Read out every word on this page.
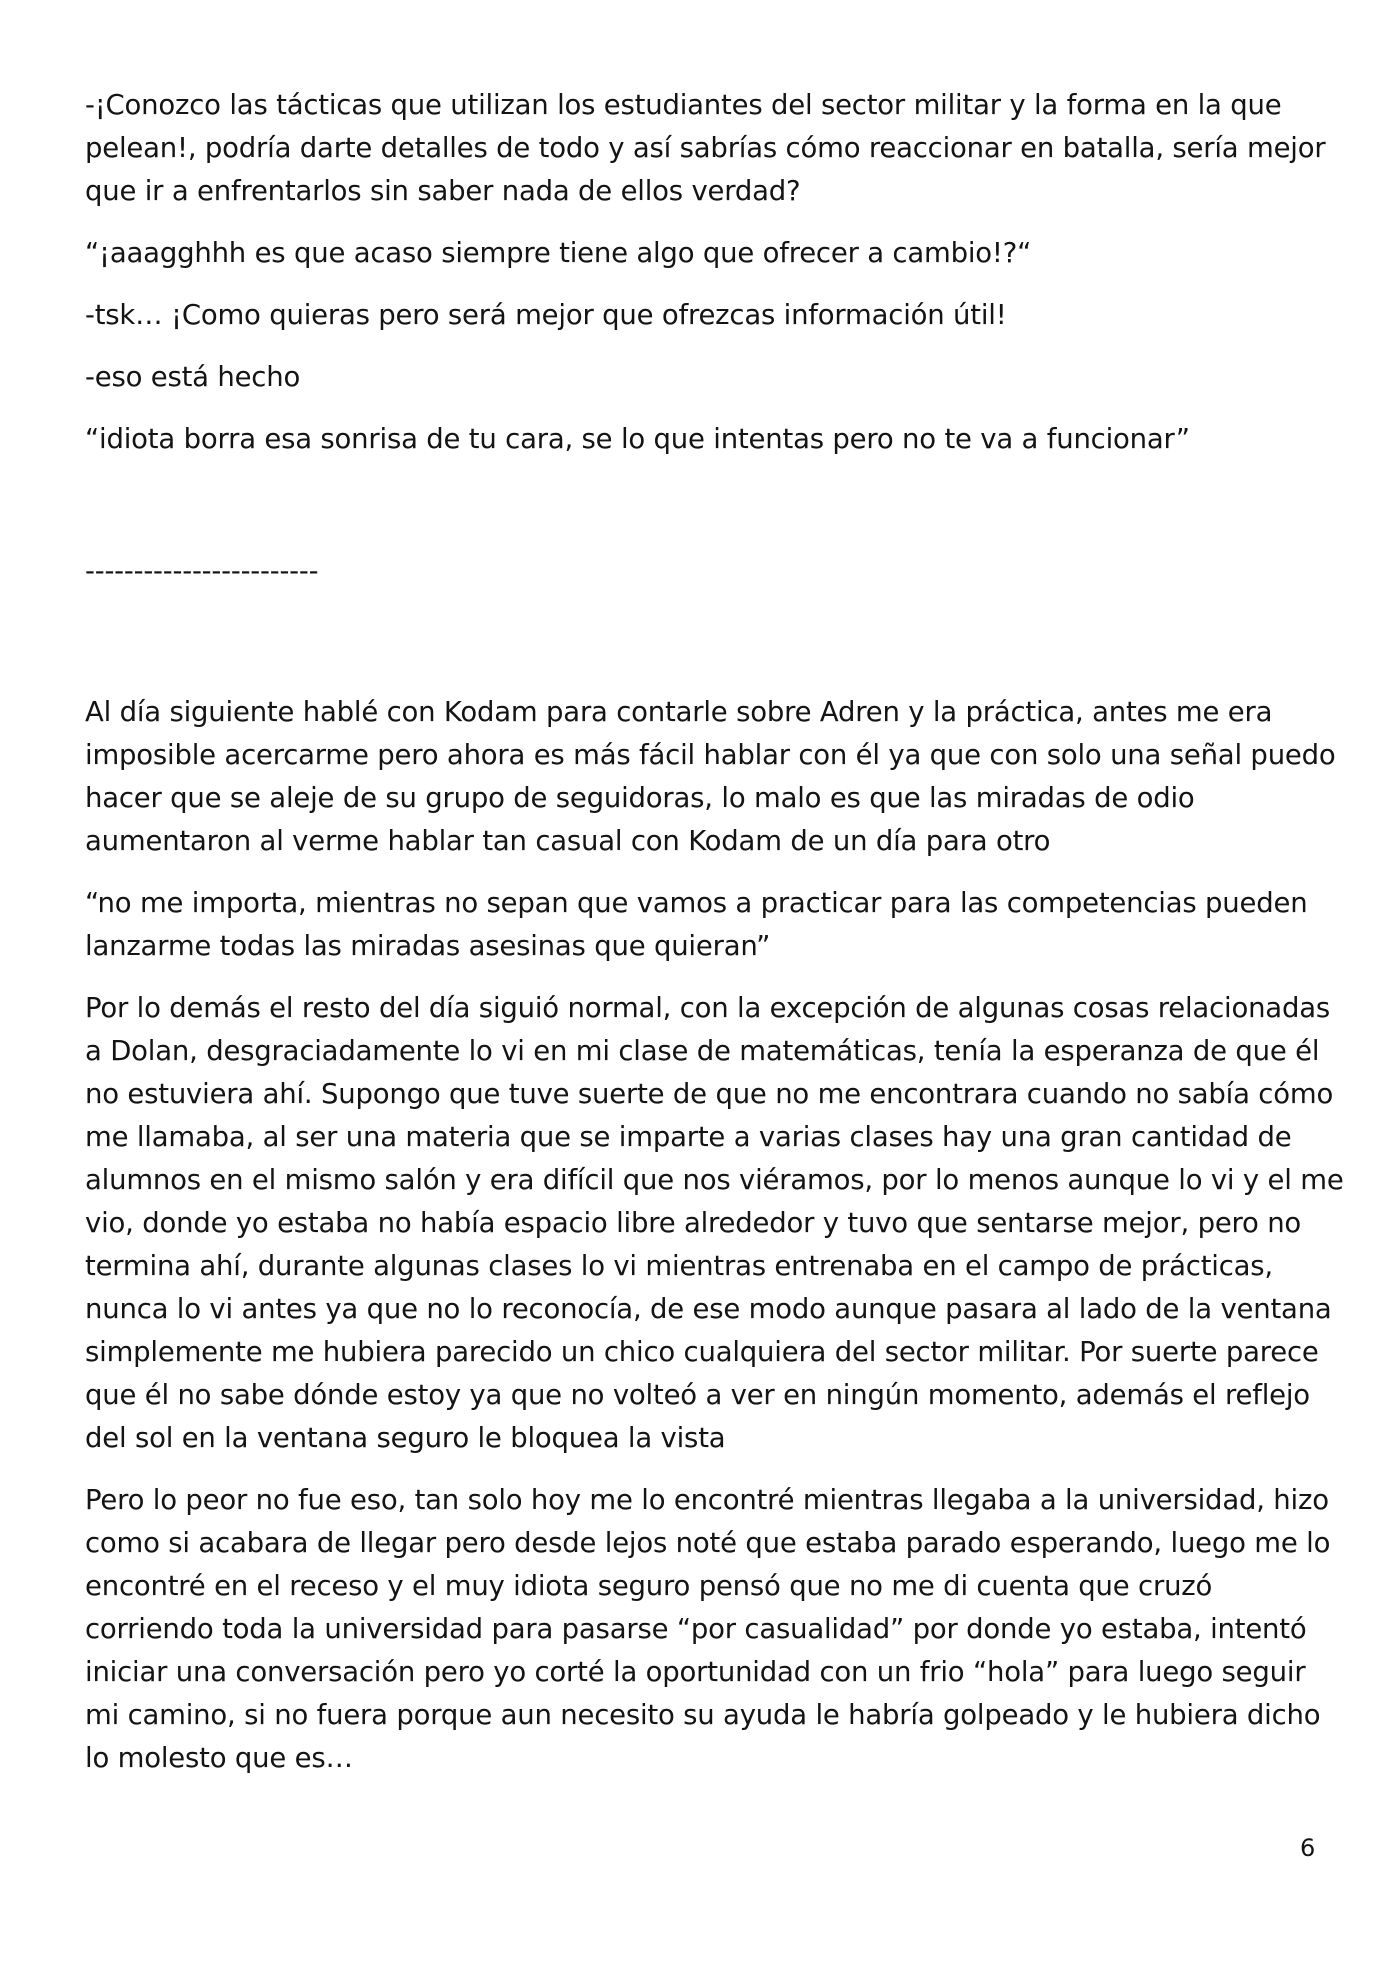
-¡Conozco las tácticas que utilizan los estudiantes del sector militar y la forma en la que
pelean!, podría darte detalles de todo y así sabrías cómo reaccionar en batalla, sería mejor
que ir a enfrentarlos sin saber nada de ellos verdad?

“¡aaagghhh es que acaso siempre tiene algo que ofrecer a cambio!?“

-tsk… ¡Como quieras pero será mejor que ofrezcas información útil!

-eso está hecho

“idiota borra esa sonrisa de tu cara, se lo que intentas pero no te va a funcionar”

------------------------

Al día siguiente hablé con Kodam para contarle sobre Adren y la práctica, antes me era
imposible acercarme pero ahora es más fácil hablar con él ya que con solo una señal puedo
hacer que se aleje de su grupo de seguidoras, lo malo es que las miradas de odio
aumentaron al verme hablar tan casual con Kodam de un día para otro

“no me importa, mientras no sepan que vamos a practicar para las competencias pueden
lanzarme todas las miradas asesinas que quieran”

Por lo demás el resto del día siguió normal, con la excepción de algunas cosas relacionadas
a Dolan, desgraciadamente lo vi en mi clase de matemáticas, tenía la esperanza de que él
no estuviera ahí. Supongo que tuve suerte de que no me encontrara cuando no sabía cómo
me llamaba, al ser una materia que se imparte a varias clases hay una gran cantidad de
alumnos en el mismo salón y era difícil que nos viéramos, por lo menos aunque lo vi y el me
vio, donde yo estaba no había espacio libre alrededor y tuvo que sentarse mejor, pero no
termina ahí, durante algunas clases lo vi mientras entrenaba en el campo de prácticas,
nunca lo vi antes ya que no lo reconocía, de ese modo aunque pasara al lado de la ventana
simplemente me hubiera parecido un chico cualquiera del sector militar. Por suerte parece
que él no sabe dónde estoy ya que no volteó a ver en ningún momento, además el reflejo
del sol en la ventana seguro le bloquea la vista

Pero lo peor no fue eso, tan solo hoy me lo encontré mientras llegaba a la universidad, hizo
como si acabara de llegar pero desde lejos noté que estaba parado esperando, luego me lo
encontré en el receso y el muy idiota seguro pensó que no me di cuenta que cruzó
corriendo toda la universidad para pasarse “por casualidad” por donde yo estaba, intentó
iniciar una conversación pero yo corté la oportunidad con un frio “hola” para luego seguir
mi camino, si no fuera porque aun necesito su ayuda le habría golpeado y le hubiera dicho
lo molesto que es…

6
